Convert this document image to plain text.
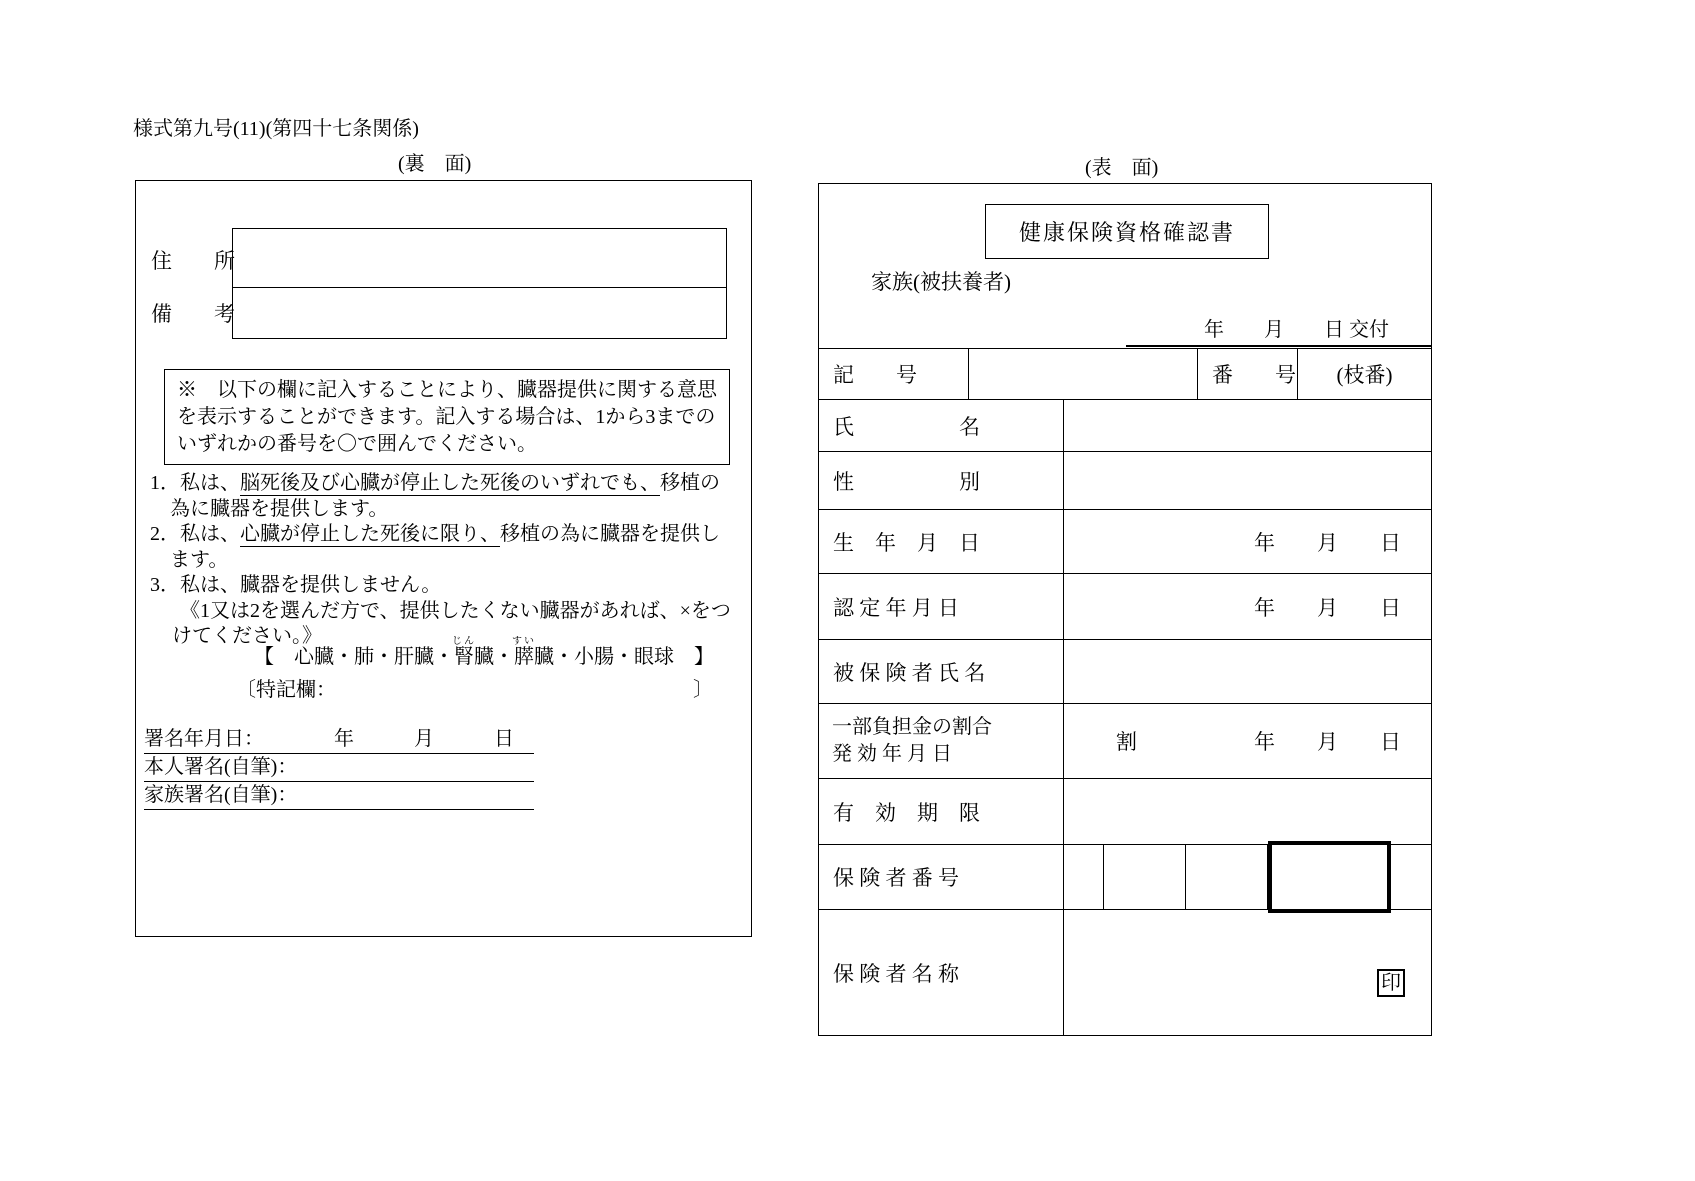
様式第九号(11)(第四十七条関係)
(裏　面)	(表　面)
住　　所
備　　考
※　以下の欄に記入することにより、臓器提供に関する意思
を表示することができます。記入する場合は、1から3までの
いずれかの番号を〇で囲んでください。
1．私は、脳死後及び心臓が停止した死後のいずれでも、移植の
為に臓器を提供します。
2．私は、心臓が停止した死後に限り、移植の為に臓器を提供し
ます。
3．私は、臓器を提供しません。
《1又は2を選んだ方で、提供したくない臓器があれば、×をつ
けてください。》
【　心臓・肺・肝臓・腎じん臓・膵すい臓・小腸・眼球　】
〔特記欄：	〕
署名年月日：　　　　年　　　月　　　日
本人署名(自筆)：
家族署名(自筆)：
健康保険資格確認書
家族(被扶養者)
年　　月　　日 交付
記　　号	番　　号 (枝番)
氏　　　　　名
性　　　　　別
生　年　月　日	年　　月　　日
認 定 年 月 日	年　　月　　日
被 保 険 者 氏 名
一部負担金の割合
発 効 年 月 日	割	年　　月　　日
有　効　期　限
保 険 者 番 号
保 険 者 名 称	印
